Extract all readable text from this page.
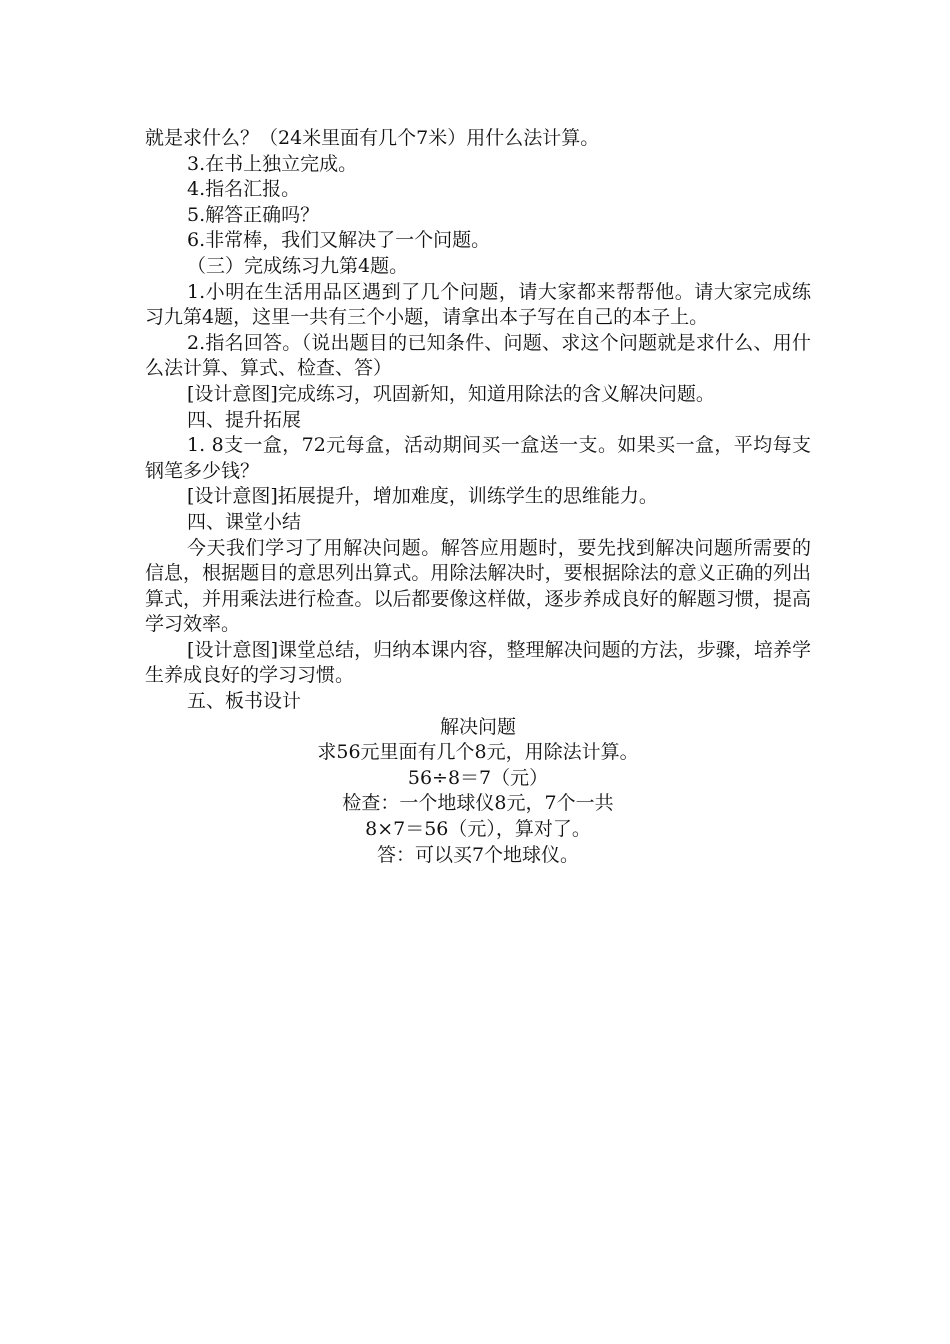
就是求什么？（24米里面有几个7米）用什么法计算。

3.在书上独立完成。

4.指名汇报。

5.解答正确吗？

6.非常棒，我们又解决了一个问题。

（三）完成练习九第4题。

1.小明在生活用品区遇到了几个问题，请大家都来帮帮他。请大家完成练习九第4题，这里一共有三个小题，请拿出本子写在自己的本子上。

2.指名回答。（说出题目的已知条件、问题、求这个问题就是求什么、用什么法计算、算式、检查、答）

[设计意图]完成练习，巩固新知，知道用除法的含义解决问题。

四、提升拓展

1. 8支一盒，72元每盒，活动期间买一盒送一支。如果买一盒，平均每支钢笔多少钱？

[设计意图]拓展提升，增加难度，训练学生的思维能力。

四、课堂小结

今天我们学习了用解决问题。解答应用题时，要先找到解决问题所需要的信息，根据题目的意思列出算式。用除法解决时，要根据除法的意义正确的列出算式，并用乘法进行检查。以后都要像这样做，逐步养成良好的解题习惯，提高学习效率。

[设计意图]课堂总结，归纳本课内容，整理解决问题的方法，步骤，培养学生养成良好的学习习惯。

五、板书设计

解决问题

求56元里面有几个8元，用除法计算。

56÷8＝7（元）

检查：一个地球仪8元，7个一共

8×7＝56（元），算对了。

答：可以买7个地球仪。
